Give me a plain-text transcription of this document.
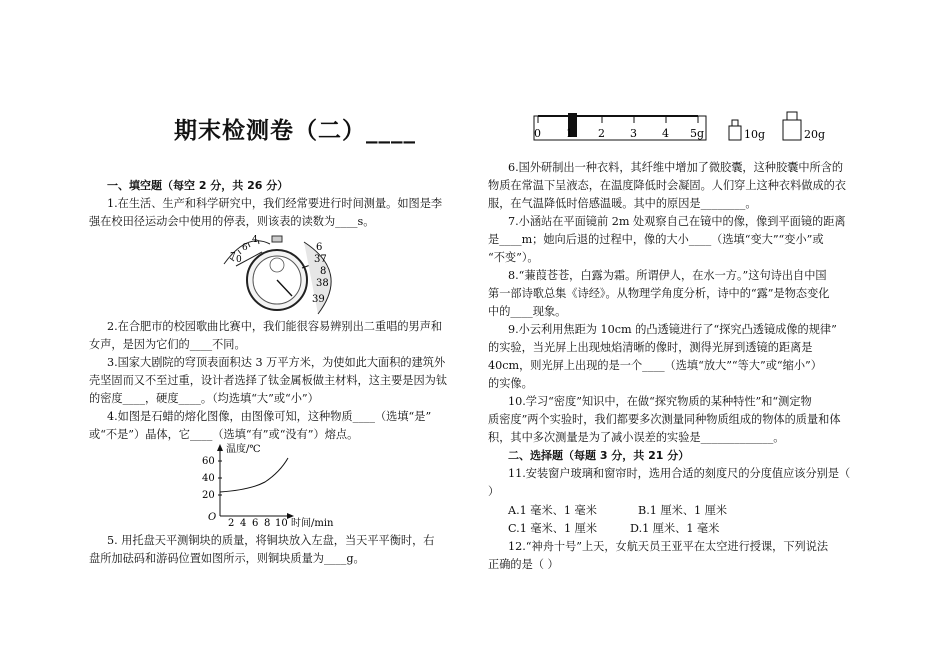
期末检测卷（二）____
一、填空题（每空 2 分，共 26 分）
1.在生活、生产和科学研究中，我们经常要进行时间测量。如图是李
强在校田径运动会中使用的停表，则该表的读数为____s。
4
6
7 0
6
37
8
38
39
2.在合肥市的校园歌曲比赛中，我们能很容易辨别出二重唱的男声和
女声，是因为它们的____不同。
3.国家大剧院的穹顶表面积达 3 万平方米，为使如此大面积的建筑外
壳坚固而又不至过重，设计者选择了钛金属板做主材料，这主要是因为钛
的密度____，硬度____。（均选填“大”或“小”）
4.如图是石蜡的熔化图像，由图像可知，这种物质____（选填“是”
或“不是”）晶体，它____（选填“有”或“没有”）熔点。
温度/℃
60
40
20
O
2 4 6 8 10 时间/min
5. 用托盘天平测铜块的质量，将铜块放入左盘，当天平平衡时，右
盘所加砝码和游码位置如图所示，则铜块质量为____g。
0 1 2 3 4 5g	10g	20g
6.国外研制出一种衣料，其纤维中增加了微胶囊，这种胶囊中所含的
物质在常温下呈液态，在温度降低时会凝固。人们穿上这种衣料做成的衣
服，在气温降低时倍感温暖。其中的原因是________。
7.小涵站在平面镜前 2m 处观察自己在镜中的像，像到平面镜的距离
是____m；她向后退的过程中，像的大小____（选填“变大”“变小”或
“不变”）。
8.“蒹葭苍苍，白露为霜。所谓伊人，在水一方。”这句诗出自中国
第一部诗歌总集《诗经》。从物理学角度分析，诗中的“露”是物态变化
中的____现象。
9.小云利用焦距为 10cm 的凸透镜进行了“探究凸透镜成像的规律”
的实验，当光屏上出现烛焰清晰的像时，测得光屏到透镜的距离是
40cm，则光屏上出现的是一个____（选填“放大”“等大”或“缩小”）
的实像。
10.学习“密度”知识中，在做“探究物质的某种特性”和“测定物
质密度”两个实验时，我们都要多次测量同种物质组成的物体的质量和体
积，其中多次测量是为了减小误差的实验是_____________。
二、选择题（每题 3 分，共 21 分）
11.安装窗户玻璃和窗帘时，选用合适的刻度尺的分度值应该分别是（
）
A.1 毫米、1 毫米	B.1 厘米、1 厘米
C.1 毫米、1 厘米	D.1 厘米、1 毫米
12.“神舟十号”上天，女航天员王亚平在太空进行授课，下列说法
正确的是（ ）
